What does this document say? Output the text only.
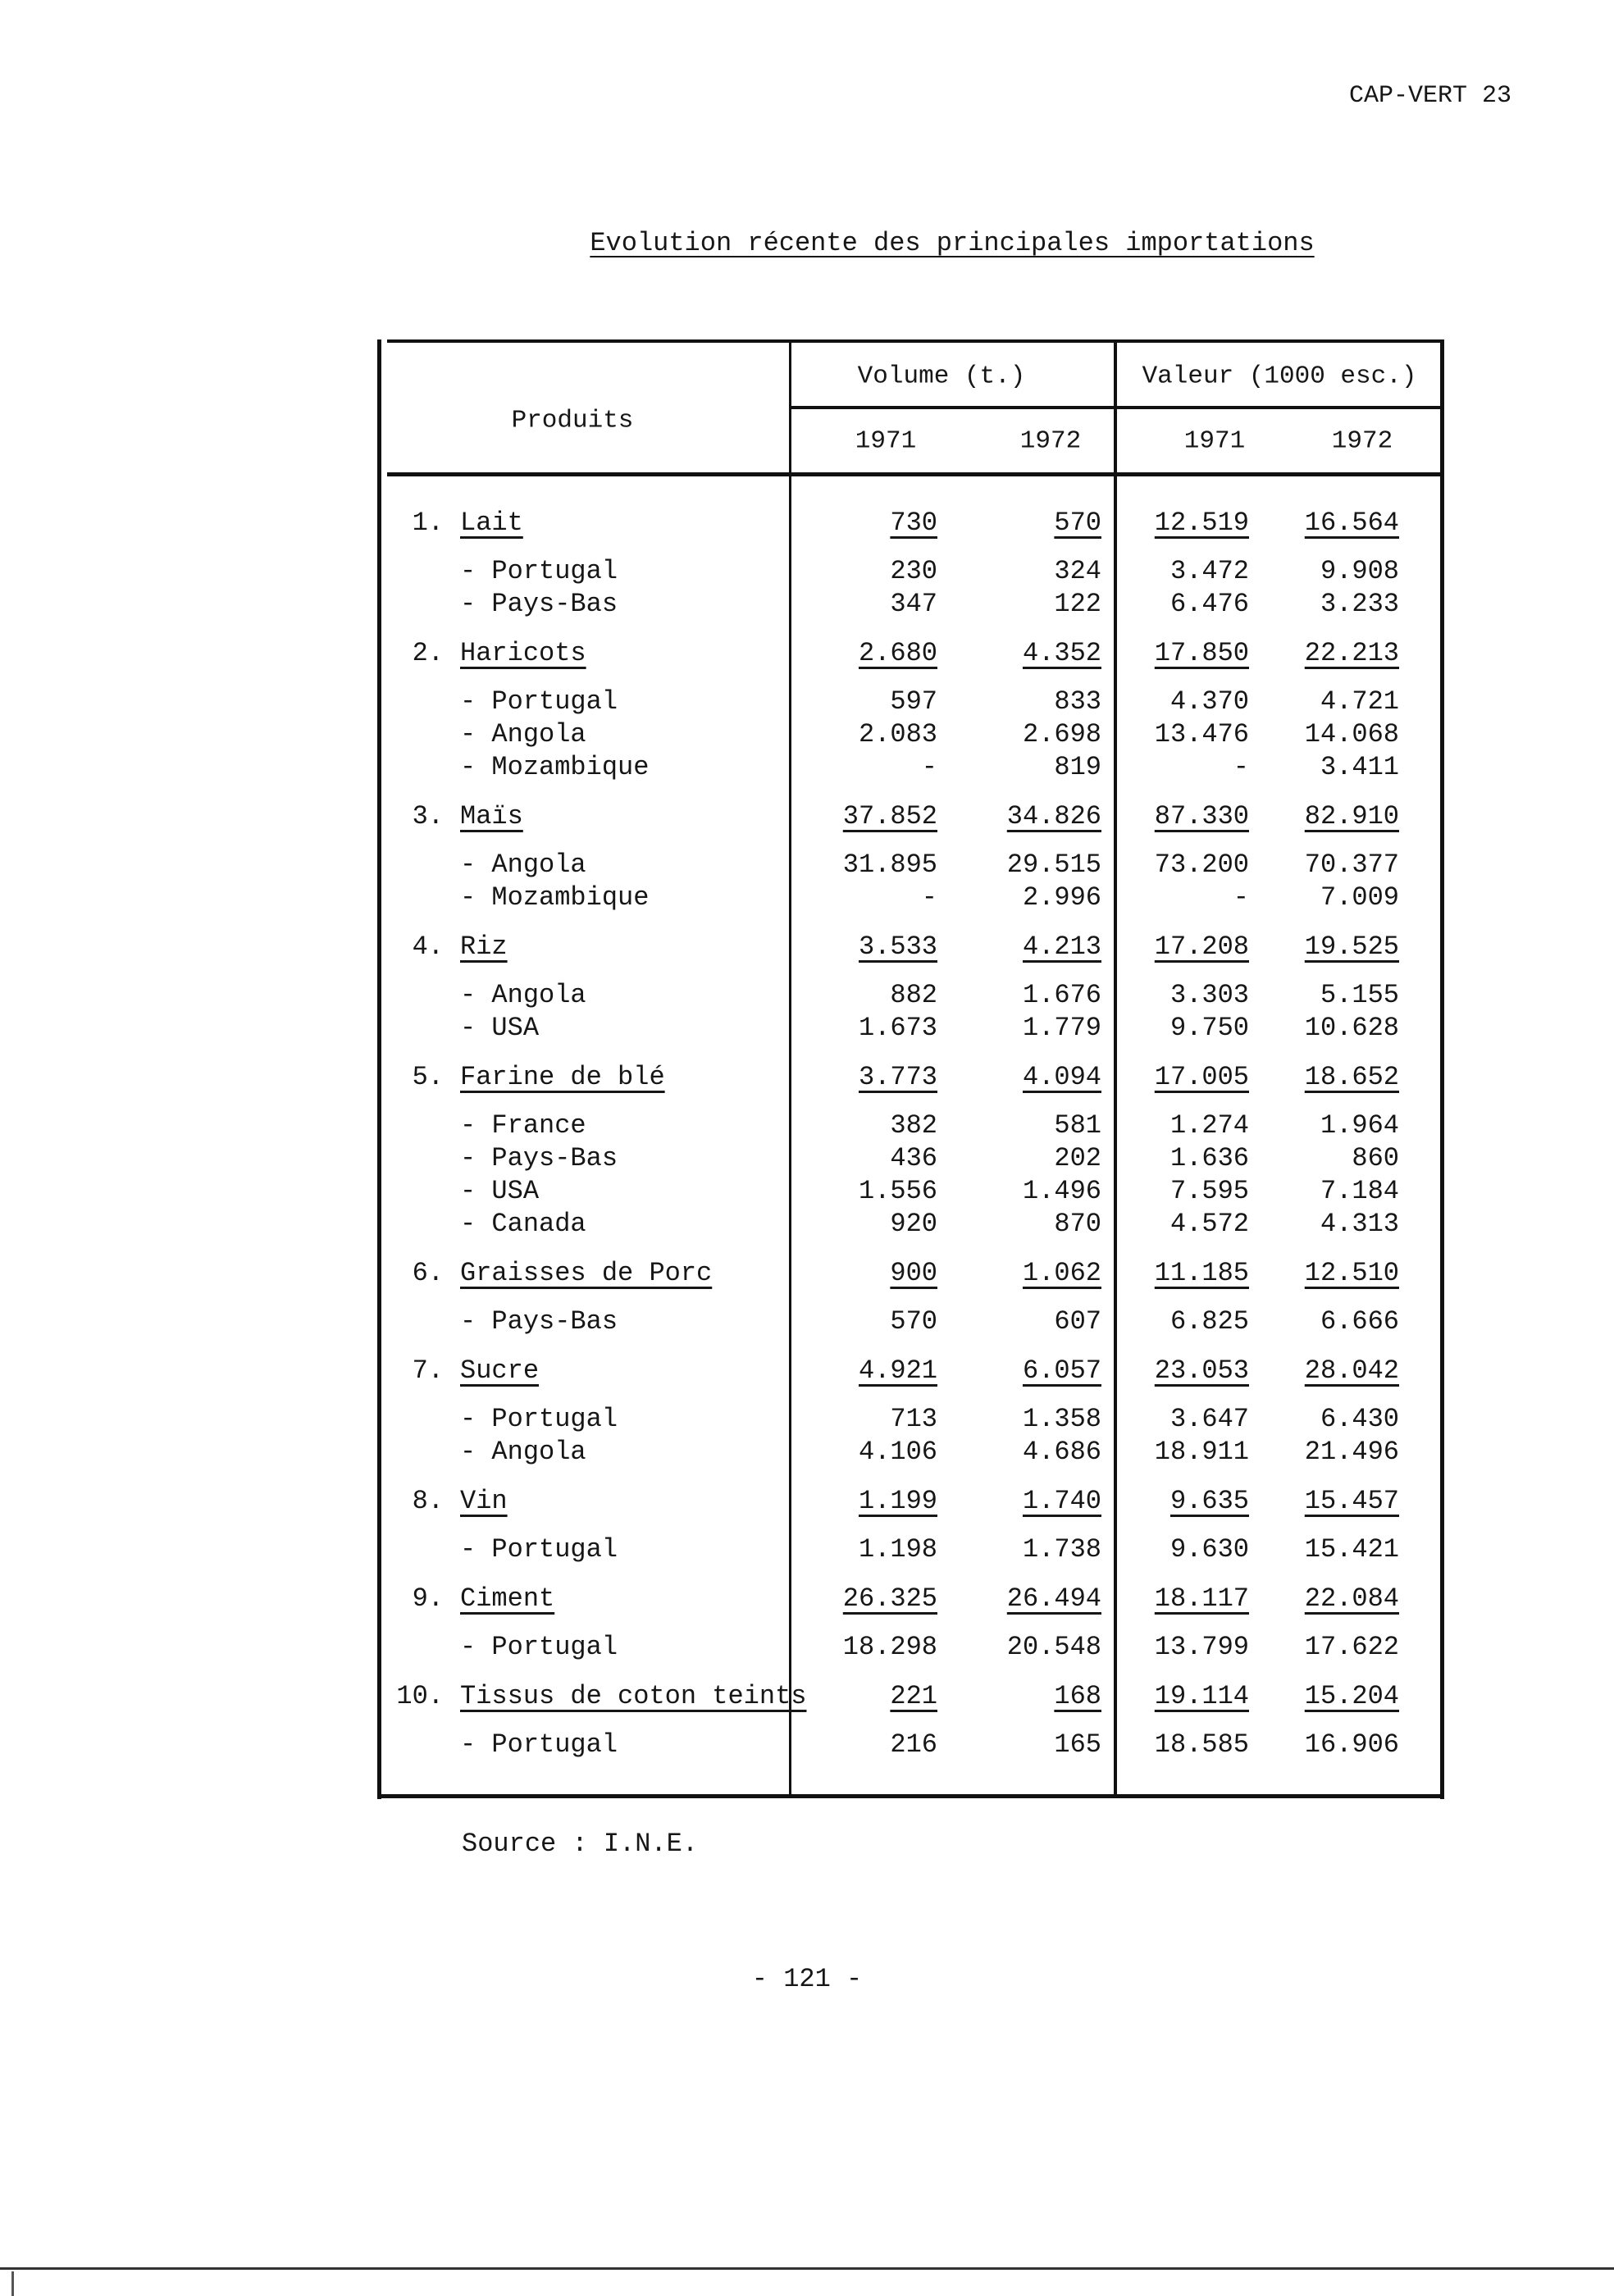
CAP-VERT 23
Evolution récente des principales importations
Produits
Volume (t.)	Valeur (1000 esc.)
1971	1972	1971	1972
1. Lait	730	570 12.519 16.564
- Portugal	230	324	3.472	9.908
- Pays-Bas	347	122	6.476	3.233
2. Haricots	2.680	4.352 17.850 22.213
- Portugal	597	833	4.370	4.721
- Angola	2.083	2.698 13.476 14.068
- Mozambique	-	819	-	3.411
3. Maïs	37.852	34.826 87.330 82.910
- Angola	31.895	29.515 73.200 70.377
- Mozambique	-	2.996	-	7.009
4. Riz	3.533	4.213 17.208 19.525
- Angola	882	1.676	3.303	5.155
- USA	1.673	1.779	9.750 10.628
5. Farine de blé	3.773	4.094 17.005 18.652
- France	382	581	1.274	1.964
- Pays-Bas	436	202	1.636	860
- USA	1.556	1.496	7.595	7.184
- Canada	920	870	4.572	4.313
6. Graisses de Porc	900	1.062 11.185 12.510
- Pays-Bas	570	607	6.825	6.666
7. Sucre	4.921	6.057 23.053 28.042
- Portugal	713	1.358	3.647	6.430
- Angola	4.106	4.686 18.911 21.496
8. Vin	1.199	1.740	9.635 15.457
- Portugal	1.198	1.738	9.630 15.421
9. Ciment	26.325	26.494 18.117 22.084
- Portugal	18.298	20.548 13.799 17.622
10. Tissus de coton teints	221	168 19.114 15.204
- Portugal	216	165 18.585 16.906
Source : I.N.E.
- 121 -
